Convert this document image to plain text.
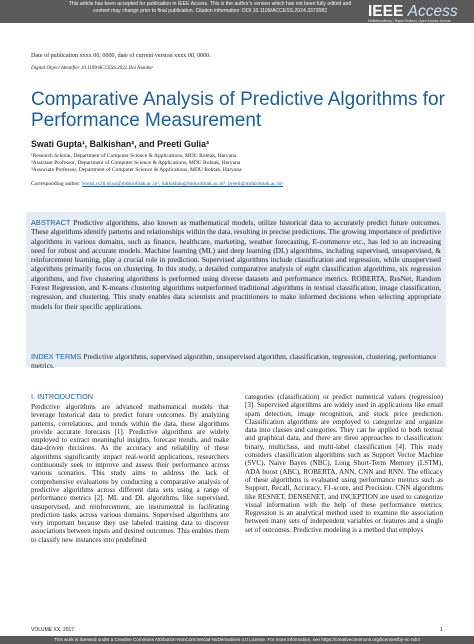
This article has been accepted for publication in IEEE Access. This is the author's version which has not been fully edited and
content may change prior to final publication. Citation information: DOI 10.1109/ACCESS.2024.3372082	IEEE Access
Multidisciplinary | Rapid Review | Open Access Journal
Date of publication xxxx 00, 0000, date of current version xxxx 00, 0000.
Digital Object Identifier 10.1109/ACCESS.2022.Doi Number
Comparative Analysis of Predictive Algorithms for Performance Measurement

Swati Gupta¹, Balkishan², and Preeti Gulia³

¹Research Scholar, Department of Computer Science & Applications, MDU Rohtak, Haryana
²Assistant Professor, Department of Computer Science & Applications, MDU Rohtak, Haryana
³Associate Professor, Department of Computer Science & Applications, MDU Rohtak, Haryana
Corresponding author: Swati.rs20.dcsa@mdurohtak.ac.in¹, balkishan@mdurohtak.ac.in², preeti@mdurohtak.ac.in³

ABSTRACT Predictive algorithms, also known as mathematical models, utilize historical data to accurately predict future outcomes. These algorithms identify patterns and relationships within the data, resulting in precise predictions. The growing importance of predictive algorithms in various domains, such as finance, healthcare, marketing, weather forecasting, E-commerce etc., has led to an increasing need for robust and accurate models. Machine learning (ML) and deep learning (DL) algorithms, including supervised, unsupervised, & reinforcement learning, play a crucial role in prediction. Supervised algorithms include classification and regression, while unsupervised algorithms primarily focus on clustering. In this study, a detailed comparative analysis of eight classification algorithms, six regression algorithms, and five clustering algorithms is performed using diverse datasets and performance metrics. ROBERTA, ResNet, Random Forest Regression, and K-means clustering algorithms outperformed traditional algorithms in textual classification, image classification, regression, and clustering. This study enables data scientists and practitioners to make informed decisions when selecting appropriate models for their specific applications.

INDEX TERMS Predictive algorithms, supervised algorithm, unsupervised algorithm, classification, regression, clustering, performance metrics.

I. INTRODUCTION

Predictive algorithms are advanced mathematical models that leverage historical data to predict future outcomes. By analyzing patterns, correlations, and trends within the data, these algorithms provide accurate forecasts [1]. Predictive algorithms are widely employed to extract meaningful insights, forecast trends, and make data-driven decisions. As the accuracy and reliability of these algorithms significantly impact real-world applications, researchers continuously seek to improve and assess their performance across various scenarios. This study aims to address the lack of comprehensive evaluations by conducting a comparative analysis of predictive algorithms across different data sets using a range of performance metrics [2]. ML and DL algorithms, like supervised, unsupervised, and reinforcement, are instrumental in facilitating prediction tasks across various domains. Supervised algorithms are very important because they use labeled training data to discover associations between inputs and desired outcomes. This enables them to classify new instances into predefined

categories (classification) or predict numerical values (regression) [3]. Supervised algorithms are widely used in applications like email spam detection, image recognition, and stock price prediction. Classification algorithms are employed to categorize and organize data into classes and categories. They can be applied to both textual and graphical data, and there are three approaches to classification: binary, multiclass, and multi-label classification [4]. This study considers classification algorithms such as Support Vector Machine (SVC), Naive Bayes (NBC), Long Short-Term Memory (LSTM), ADA boost (ABC), ROBERTA, ANN, CNN and RNN. The efficacy of these algorithms is evaluated using performance metrics such as Support, Recall, Accuracy, F1-score, and Precision. CNN algorithms like RESNET, DENSENET, and INCEPTION are used to categorize visual information with the help of these performance metrics. Regression is an analytical method used to examine the association between many sets of independent variables or features and a single set of outcomes. Predictive modeling is a method that employs

VOLUME XX, 2017	1
This work is licensed under a Creative Commons Attribution-NonCommercial-NoDerivatives 4.0 License. For more information, see https://creativecommons.org/licenses/by-nc-nd/4
